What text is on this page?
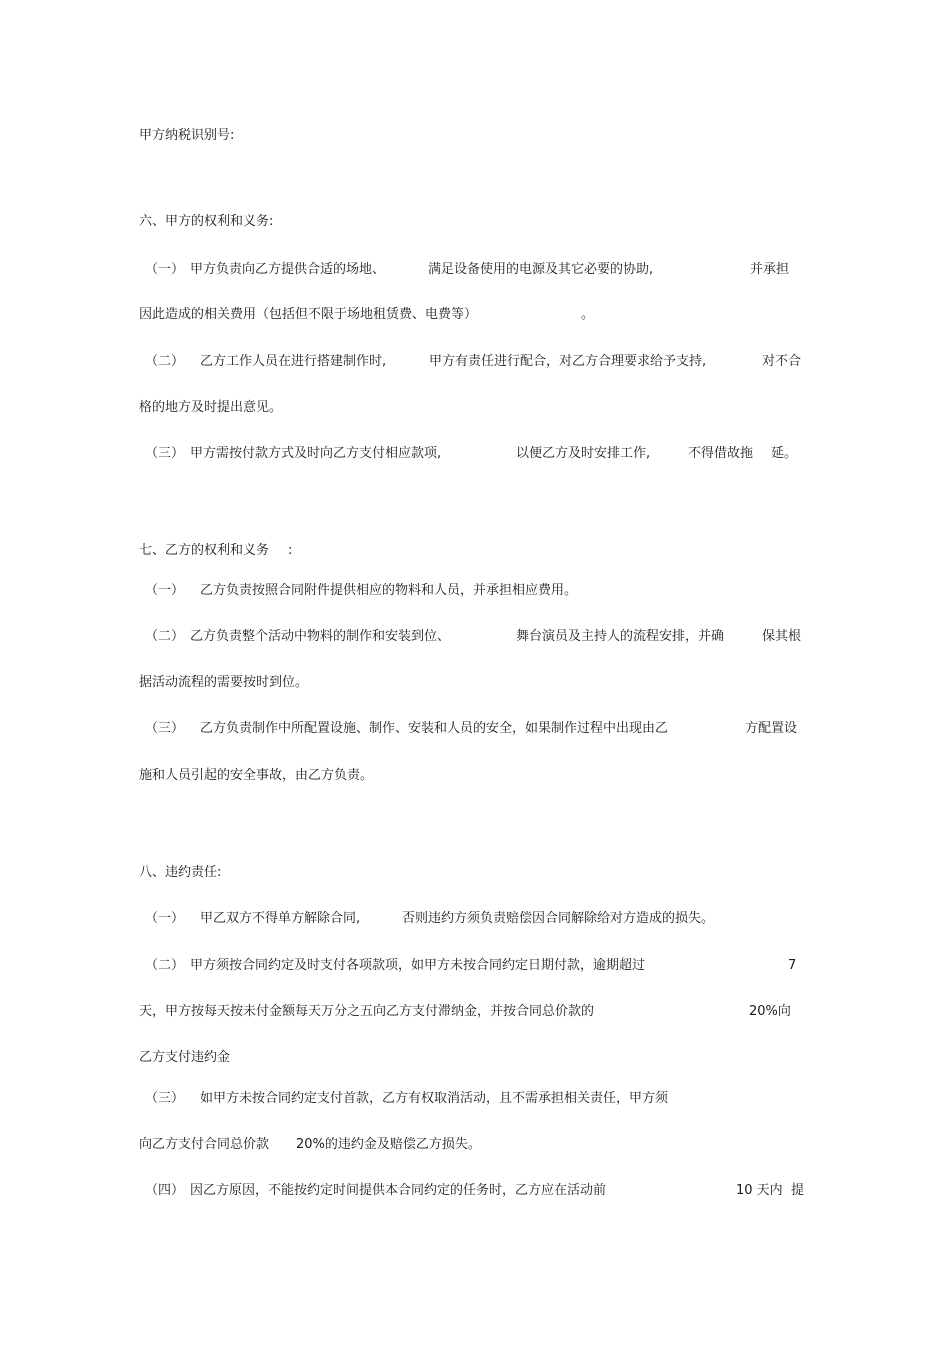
甲方纳税识别号:
六、甲方的权利和义务:
（一） 甲方负责向乙方提供合适的场地、	满足设备使用的电源及其它必要的协助,	并承担
因此造成的相关费用（包括但不限于场地租赁费、电费等）	。
（二） 乙方工作人员在进行搭建制作时,	甲方有责任进行配合，对乙方合理要求给予支持,	对不合
格的地方及时提出意见。
（三） 甲方需按付款方式及时向乙方支付相应款项,	以便乙方及时安排工作,	不得借故拖 延。
七、乙方的权利和义务 :
（一） 乙方负责按照合同附件提供相应的物料和人员，并承担相应费用。
（二） 乙方负责整个活动中物料的制作和安装到位、	舞台演员及主持人的流程安排，并确	保其根
据活动流程的需要按时到位。
（三） 乙方负责制作中所配置设施、制作、安装和人员的安全，如果制作过程中出现由乙	方配置设
施和人员引起的安全事故，由乙方负责。
八、违约责任:
（一） 甲乙双方不得单方解除合同,	否则违约方须负责赔偿因合同解除给对方造成的损失。
（二） 甲方须按合同约定及时支付各项款项，如甲方未按合同约定日期付款，逾期超过	7
天，甲方按每天按未付金额每天万分之五向乙方支付滞纳金，并按合同总价款的	20%向
乙方支付违约金
（三） 如甲方未按合同约定支付首款，乙方有权取消活动，且不需承担相关责任，甲方须
向乙方支付合同总价款 20%的违约金及赔偿乙方损失。
（四） 因乙方原因，不能按约定时间提供本合同约定的任务时，乙方应在活动前	10 天内 提
